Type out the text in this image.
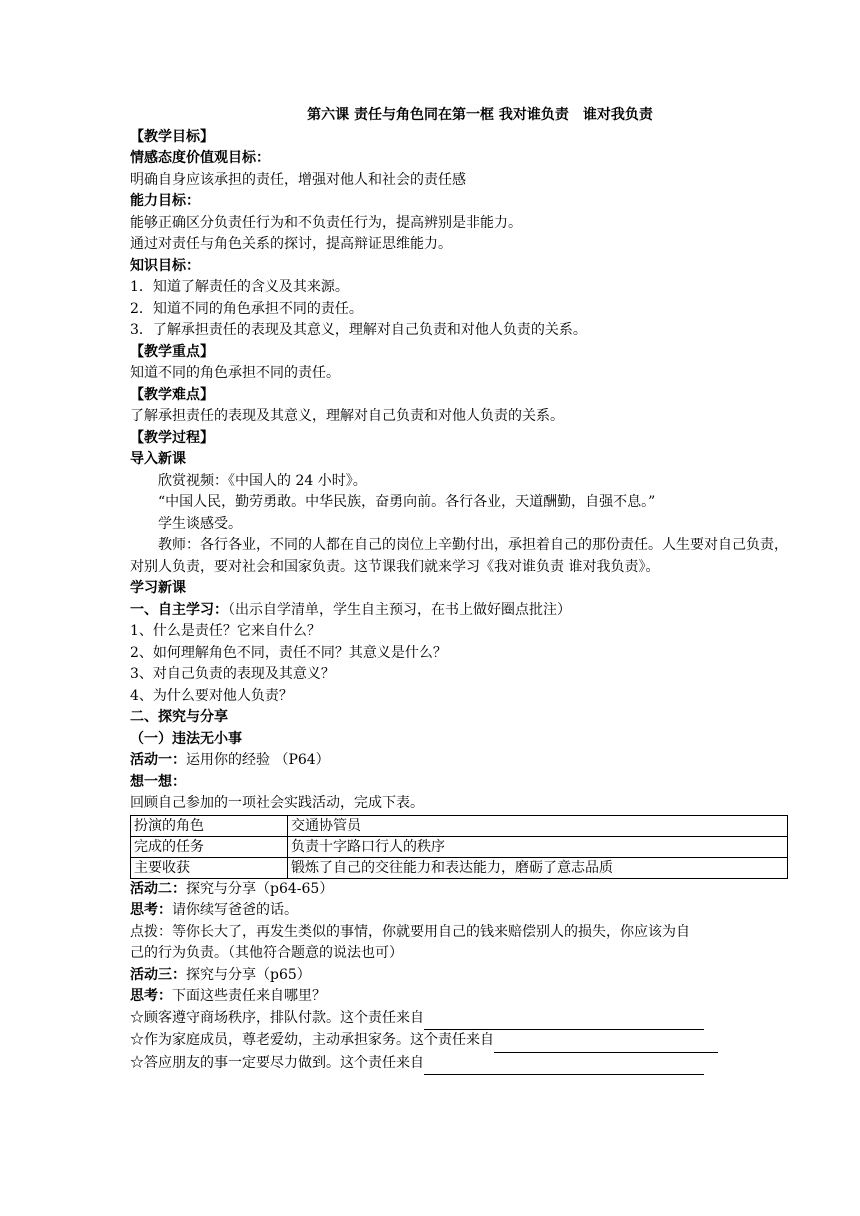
第六课 责任与角色同在第一框 我对谁负责　谁对我负责

【教学目标】

情感态度价值观目标：

明确自身应该承担的责任，增强对他人和社会的责任感

能力目标：

能够正确区分负责任行为和不负责任行为，提高辨别是非能力。

通过对责任与角色关系的探讨，提高辩证思维能力。

知识目标：

1．知道了解责任的含义及其来源。

2．知道不同的角色承担不同的责任。

3．了解承担责任的表现及其意义，理解对自己负责和对他人负责的关系。

【教学重点】

知道不同的角色承担不同的责任。

【教学难点】

了解承担责任的表现及其意义，理解对自己负责和对他人负责的关系。

【教学过程】

导入新课

欣赏视频：《中国人的 24 小时》。

“中国人民，勤劳勇敢。中华民族，奋勇向前。各行各业，天道酬勤，自强不息。”

学生谈感受。

教师：各行各业，不同的人都在自己的岗位上辛勤付出，承担着自己的那份责任。人生要对自己负责，对别人负责，要对社会和国家负责。这节课我们就来学习《我对谁负责 谁对我负责》。

学习新课

一、自主学习：（出示自学清单，学生自主预习，在书上做好圈点批注）

1、什么是责任？它来自什么？

2、如何理解角色不同，责任不同？其意义是什么？

3、对自己负责的表现及其意义？

4、为什么要对他人负责？

二、探究与分享

（一）违法无小事

活动一：运用你的经验 （P64）

想一想：

回顾自己参加的一项社会实践活动，完成下表。

扮演的角色	交通协管员
完成的任务	负责十字路口行人的秩序
主要收获	锻炼了自己的交往能力和表达能力，磨砺了意志品质

活动二：探究与分享（p64-65）

思考：请你续写爸爸的话。

点拨：等你长大了，再发生类似的事情，你就要用自己的钱来赔偿别人的损失，你应该为自

己的行为负责。（其他符合题意的说法也可）

活动三：探究与分享（p65）

思考：下面这些责任来自哪里？

☆顾客遵守商场秩序，排队付款。这个责任来自

☆作为家庭成员，尊老爱幼，主动承担家务。这个责任来自

☆答应朋友的事一定要尽力做到。这个责任来自
